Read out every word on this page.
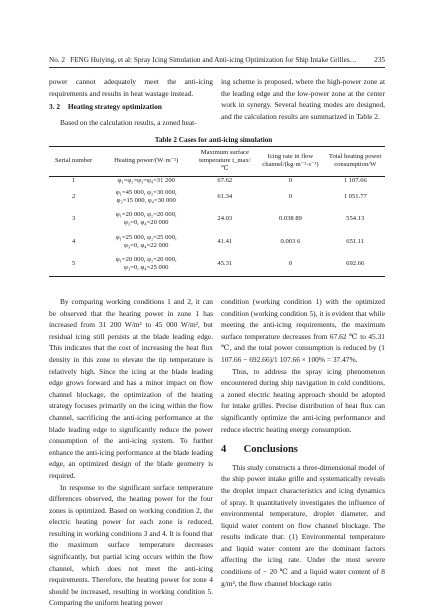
No. 2 FENG Huiying, et al: Spray Icing Simulation and Anti-icing Optimization for Ship Intake Grilles…	235

power cannot adequately meet the anti-icing requirements and results in heat wastage instead.

3. 2 Heating strategy optimization

Based on the calculation results, a zoned heat-

ing scheme is proposed, where the high-power zone at the leading edge and the low-power zone at the center work in synergy. Several heating modes are designed, and the calculation results are summarized in Table 2.

Table 2 Cases for anti-icing simulation
Serial number	Heating power/(W·m⁻²)	Maximum surface temperature t_max/℃	Icing rate in flow channel/(kg·m⁻²·s⁻¹)	Total heating power consumption/W
1	φ₁=φ₂=φ₃=φ₄=31 200	67.62	0	1 107.66
2	φ₁=45 000, φ₂=30 000,
φ₃=15 000, φ₄=30 000	61.34	0	1 051.77
3	φ₁=20 000, φ₂=20 000,
φ₃=0, φ₄=20 000	24.03	0.038 89	554.13
4	φ₁=25 000, φ₂=25 000,
φ₃=0, φ₄=22 000	41.41	0.003 6	651.11
5	φ₁=20 000, φ₂=20 000,
φ₃=0, φ₄=25 000	45.31	0	692.66

By comparing working conditions 1 and 2, it can be observed that the heating power in zone 1 has increased from 31 200 W/m² to 45 000 W/m², but residual icing still persists at the blade leading edge. This indicates that the cost of increasing the heat flux density in this zone to elevate the tip temperature is relatively high. Since the icing at the blade leading edge grows forward and has a minor impact on flow channel blockage, the optimization of the heating strategy focuses primarily on the icing within the flow channel, sacrificing the anti-icing performance at the blade leading edge to significantly reduce the power consumption of the anti-icing system. To further enhance the anti-icing performance at the blade leading edge, an optimized design of the blade geometry is required.

In response to the significant surface temperature differences observed, the heating power for the four zones is optimized. Based on working condition 2, the electric heating power for each zone is reduced, resulting in working conditions 3 and 4. It is found that the maximum surface temperature decreases significantly, but partial icing occurs within the flow channel, which does not meet the anti-icing requirements. Therefore, the heating power for zone 4 should be increased, resulting in working condition 5. Comparing the uniform heating power

condition (working condition 1) with the optimized condition (working condition 5), it is evident that while meeting the anti-icing requirements, the maximum surface temperature decreases from 67.62 ℃ to 45.31 ℃, and the total power consumption is reduced by (1 107.66 − 692.66)/1 107.66 × 100% = 37.47%.

Thus, to address the spray icing phenomenon encountered during ship navigation in cold conditions, a zoned electric heating approach should be adopted for intake grilles. Precise distribution of heat flux can significantly optimize the anti-icing performance and reduce electric heating energy consumption.

4 Conclusions

This study constructs a three-dimensional model of the ship power intake grille and systematically reveals the droplet impact characteristics and icing dynamics of spray. It quantitatively investigates the influence of environmental temperature, droplet diameter, and liquid water content on flow channel blockage. The results indicate that: (1) Environmental temperature and liquid water content are the dominant factors affecting the icing rate. Under the most severe conditions of − 20 ℃ and a liquid water content of 8 g/m³, the flow channel blockage ratio
